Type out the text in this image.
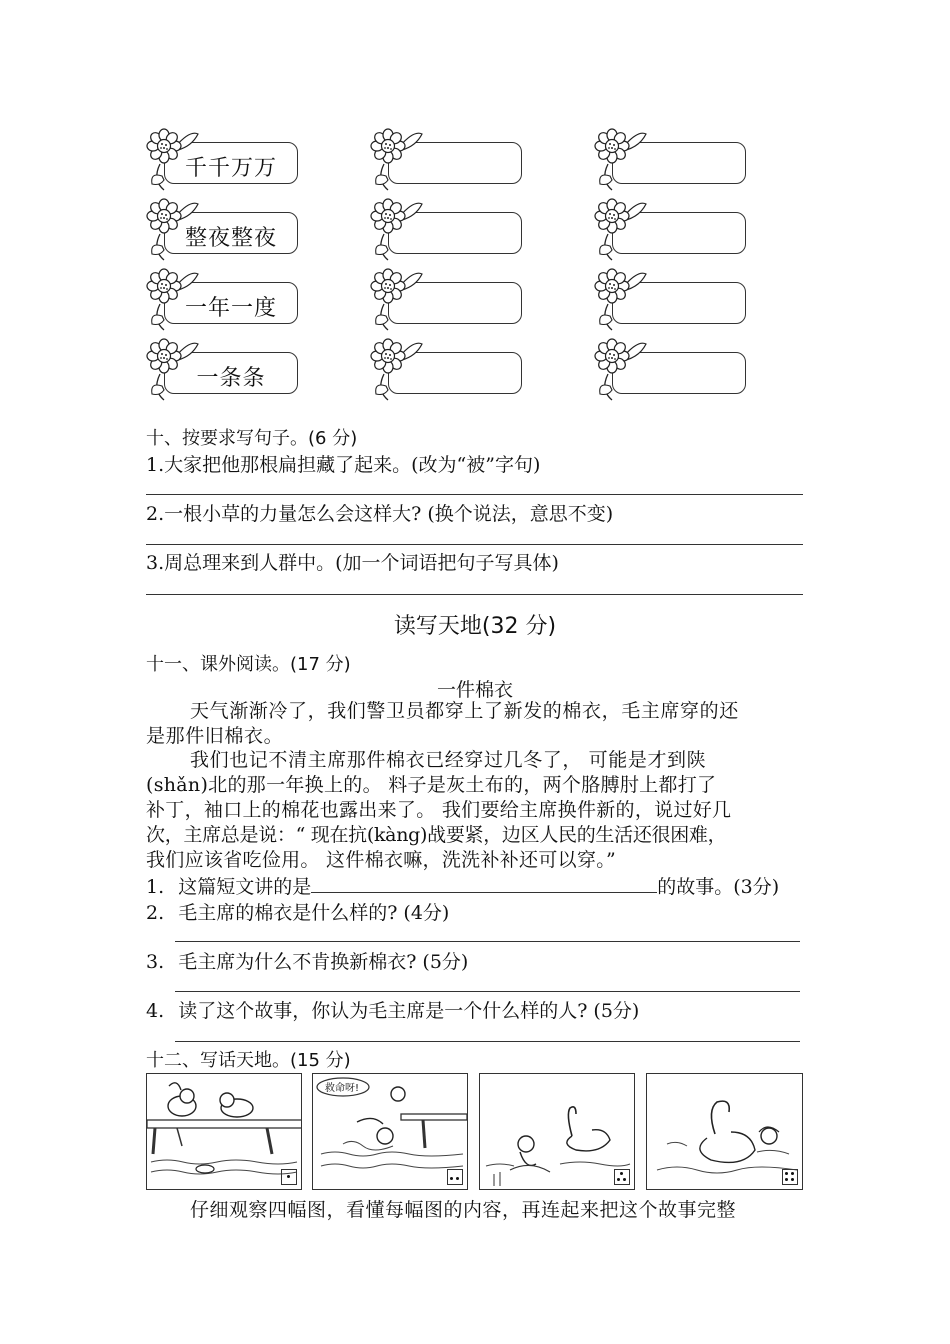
千千万万
整夜整夜
一年一度
一条条
十、按要求写句子。(6 分)
1.大家把他那根扁担藏了起来。(改为“被”字句)
2.一根小草的力量怎么会这样大? (换个说法，意思不变)
3.周总理来到人群中。(加一个词语把句子写具体)
读写天地(32 分)
十一、课外阅读。(17 分)
一件棉衣
天气渐渐冷了，我们警卫员都穿上了新发的棉衣，毛主席穿的还
是那件旧棉衣。
我们也记不清主席那件棉衣已经穿过几冬了， 可能是才到陕
(shǎn)北的那一年换上的。 料子是灰土布的，两个胳膊肘上都打了
补丁，袖口上的棉花也露出来了。 我们要给主席换件新的，说过好几
次，主席总是说：“ 现在抗(kàng)战要紧，边区人民的生活还很困难，
我们应该省吃俭用。 这件棉衣嘛，洗洗补补还可以穿。”
1. 这篇短文讲的是	的故事。(3分)
2. 毛主席的棉衣是什么样的? (4分)
3. 毛主席为什么不肯换新棉衣? (5分)
4. 读了这个故事，你认为毛主席是一个什么样的人? (5分)
十二、写话天地。(15 分)
救命呀!
仔细观察四幅图，看懂每幅图的内容，再连起来把这个故事完整
